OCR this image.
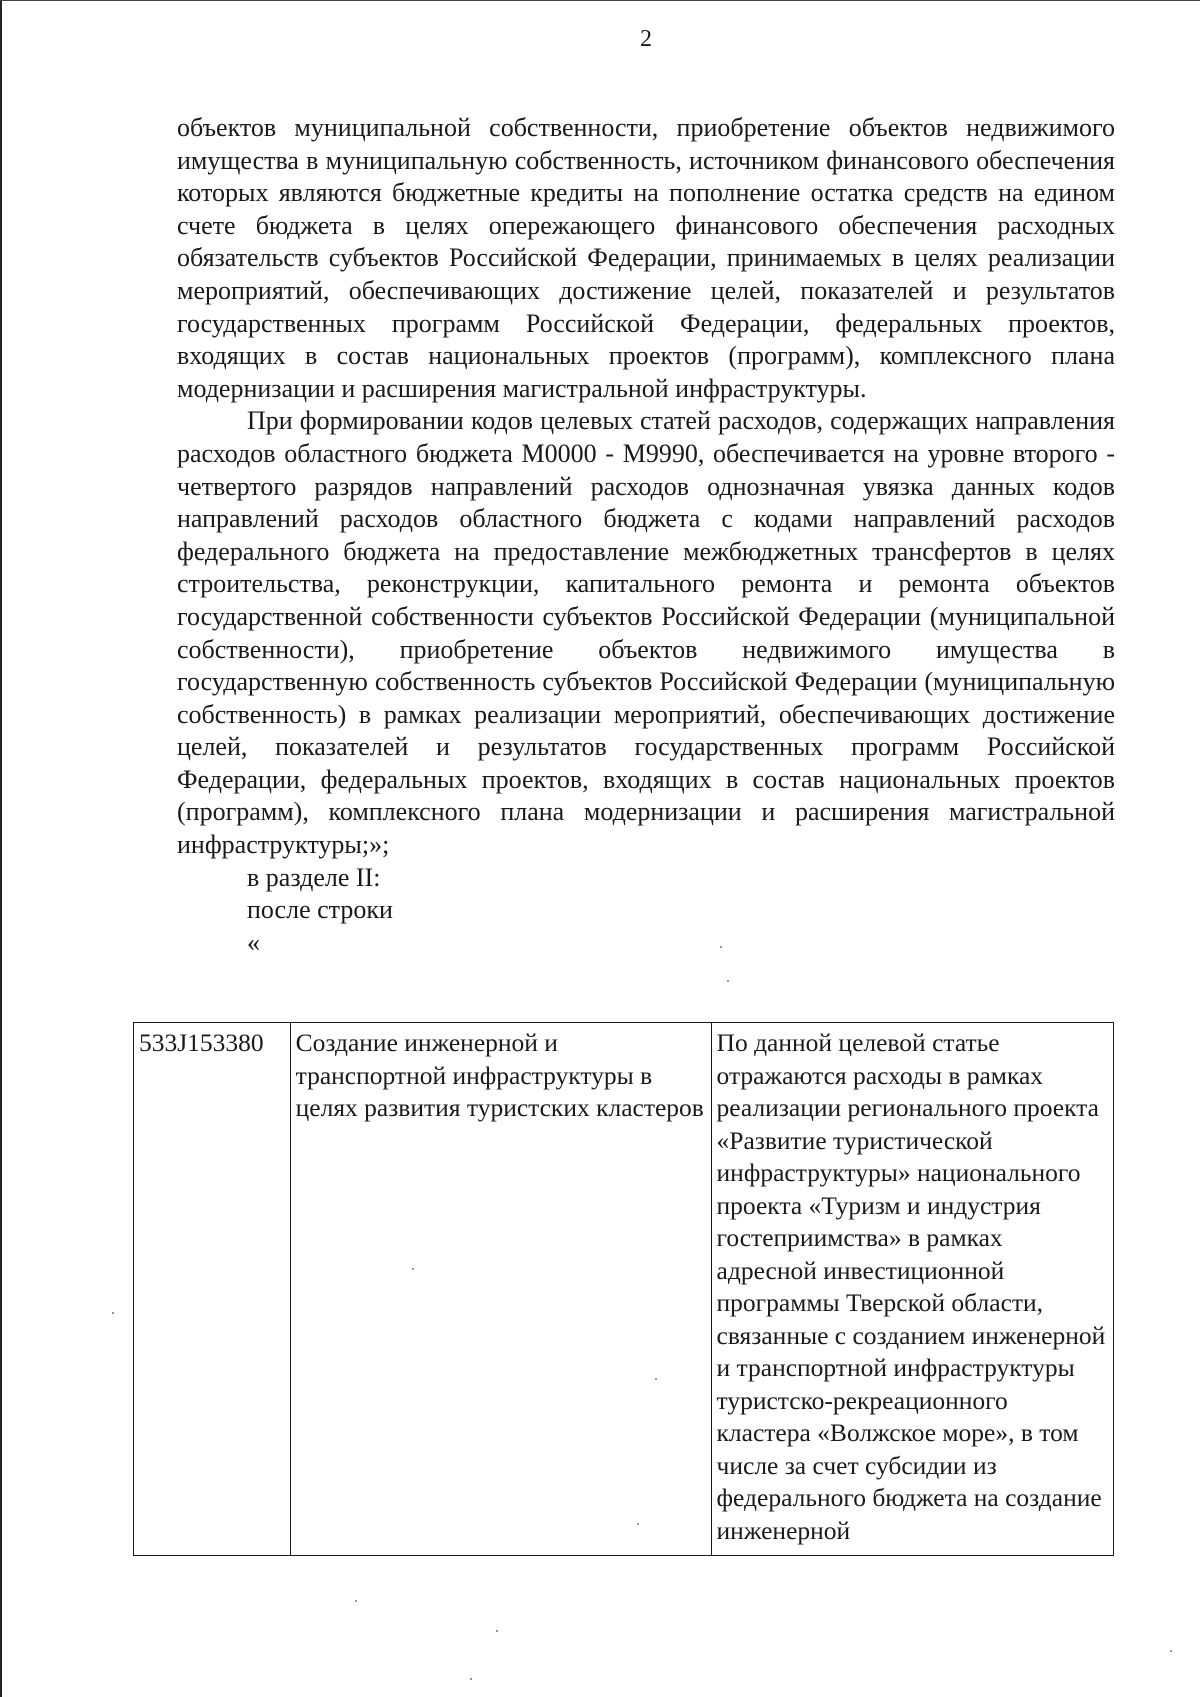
2

объектов муниципальной собственности, приобретение объектов недвижимого имущества в муниципальную собственность, источником финансового обеспечения которых являются бюджетные кредиты на пополнение остатка средств на едином счете бюджета в целях опережающего финансового обеспечения расходных обязательств субъектов Российской Федерации, принимаемых в целях реализации мероприятий, обеспечивающих достижение целей, показателей и результатов государственных программ Российской Федерации, федеральных проектов, входящих в состав национальных проектов (программ), комплексного плана модернизации и расширения магистральной инфраструктуры.

При формировании кодов целевых статей расходов, содержащих направления расходов областного бюджета М0000 - М9990, обеспечивается на уровне второго - четвертого разрядов направлений расходов однозначная увязка данных кодов направлений расходов областного бюджета с кодами направлений расходов федерального бюджета на предоставление межбюджетных трансфертов в целях строительства, реконструкции, капитального ремонта и ремонта объектов государственной собственности субъектов Российской Федерации (муниципальной собственности), приобретение объектов недвижимого имущества в государственную собственность субъектов Российской Федерации (муниципальную собственность) в рамках реализации мероприятий, обеспечивающих достижение целей, показателей и результатов государственных программ Российской Федерации, федеральных проектов, входящих в состав национальных проектов (программ), комплексного плана модернизации и расширения магистральной инфраструктуры;»;

в разделе II:

после строки

«

533J153380	Создание инженерной и транспортной инфраструктуры в целях развития туристских кластеров	По данной целевой статье отражаются расходы в рамках реализации регионального проекта «Развитие туристической инфраструктуры» национального проекта «Туризм и индустрия гостеприимства» в рамках адресной инвестиционной программы Тверской области, связанные с созданием инженерной и транспортной инфраструктуры туристско-рекреационного кластера «Волжское море», в том числе за счет субсидии из федерального бюджета на создание инженерной
